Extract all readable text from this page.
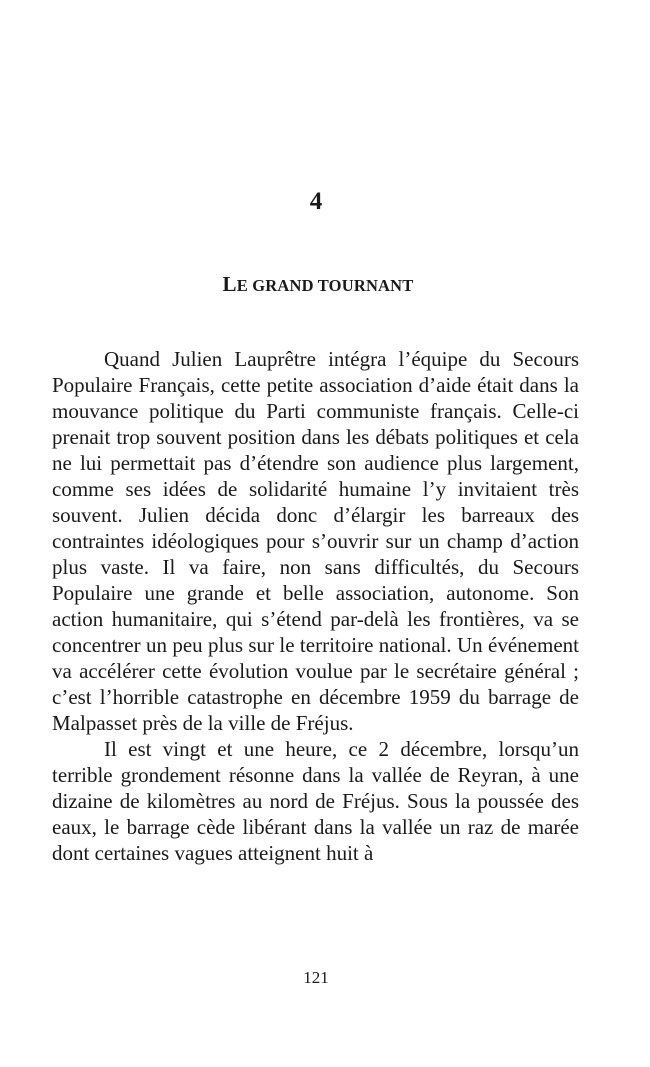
4
LE GRAND TOURNANT

Quand Julien Lauprêtre intégra l’équipe du Secours Populaire Français, cette petite association d’aide était dans la mouvance politique du Parti communiste français. Celle-ci prenait trop souvent position dans les débats politiques et cela ne lui permettait pas d’étendre son audience plus largement, comme ses idées de solidarité humaine l’y invitaient très souvent. Julien décida donc d’élargir les barreaux des contraintes idéologiques pour s’ouvrir sur un champ d’action plus vaste. Il va faire, non sans difficultés, du Secours Populaire une grande et belle association, autonome. Son action humanitaire, qui s’étend par-delà les frontières, va se concentrer un peu plus sur le territoire national. Un événement va accélérer cette évolution voulue par le secrétaire général ; c’est l’horrible catastrophe en décembre 1959 du barrage de Malpasset près de la ville de Fréjus.

Il est vingt et une heure, ce 2 décembre, lorsqu’un terrible grondement résonne dans la vallée de Reyran, à une dizaine de kilomètres au nord de Fréjus. Sous la poussée des eaux, le barrage cède libérant dans la vallée un raz de marée dont certaines vagues atteignent huit à

121
